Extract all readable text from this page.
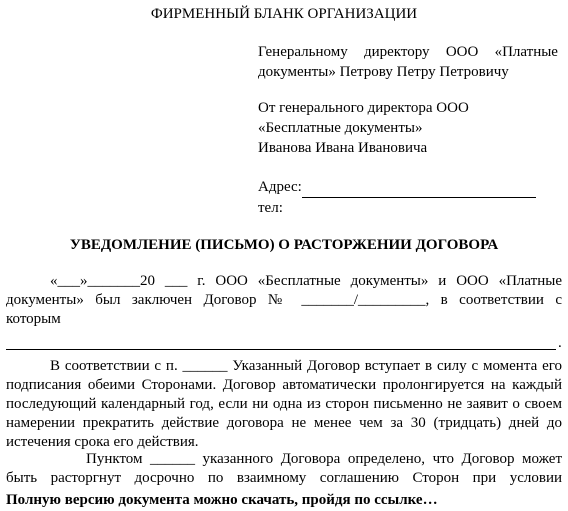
ФИРМЕННЫЙ БЛАНК ОРГАНИЗАЦИИ
Генеральному директору ООО «Платные
документы» Петрову Петру Петровичу
От генерального директора ООО
«Бесплатные документы»
Иванова Ивана Ивановича
Адрес:
тел:
УВЕДОМЛЕНИЕ (ПИСЬМО) О РАСТОРЖЕНИИ ДОГОВОРА
«___»_______20 ___ г. ООО «Бесплатные документы» и ООО «Платные
документы» был заключен Договор № _______/_________, в соответствии с
которым
.
В соответствии с п. ______ Указанный Договор вступает в силу с момента его подписания обеими Сторонами. Договор автоматически пролонгируется на каждый последующий календарный год, если ни одна из сторон письменно не заявит о своем намерении прекратить действие договора не менее чем за 30 (тридцать) дней до истечения срока его действия.
Пунктом ______ указанного Договора определено, что Договор может быть расторгнут досрочно по взаимному соглашению Сторон при условии
Полную версию документа можно скачать, пройдя по ссылке…
